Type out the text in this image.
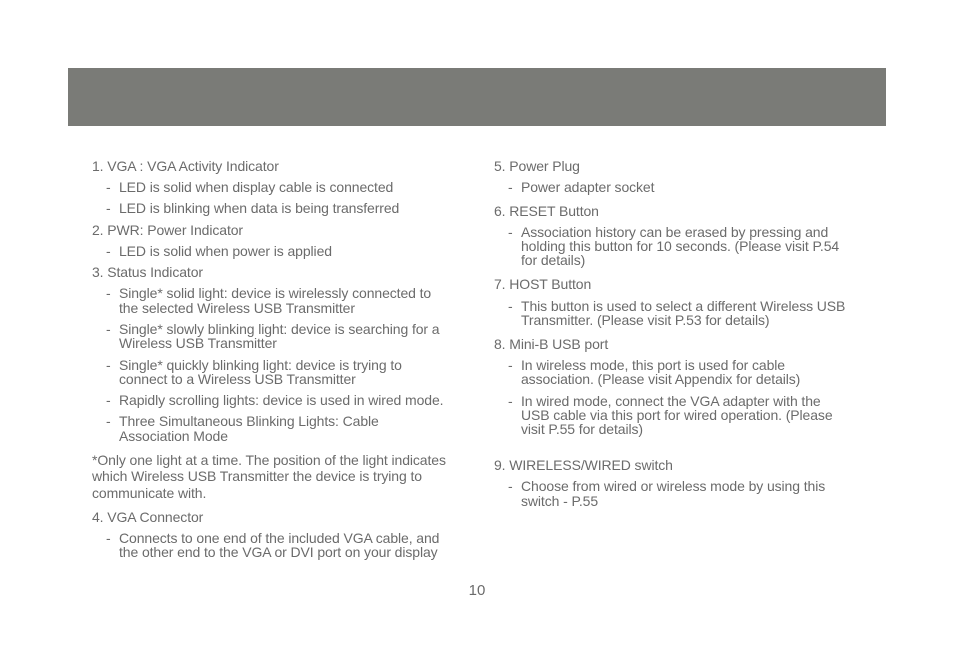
1. VGA : VGA Activity Indicator
- LED is solid when display cable is connected
- LED is blinking when data is being transferred
2. PWR: Power Indicator
- LED is solid when power is applied
3. Status Indicator
- Single* solid light: device is wirelessly connected to
the selected Wireless USB Transmitter
- Single* slowly blinking light: device is searching for a
Wireless USB Transmitter
- Single* quickly blinking light: device is trying to
connect to a Wireless USB Transmitter
- Rapidly scrolling lights: device is used in wired mode.
- Three Simultaneous Blinking Lights: Cable
Association Mode
*Only one light at a time. The position of the light indicates
which Wireless USB Transmitter the device is trying to
communicate with.
4. VGA Connector
- Connects to one end of the included VGA cable, and
the other end to the VGA or DVI port on your display
5. Power Plug
- Power adapter socket
6. RESET Button
- Association history can be erased by pressing and
holding this button for 10 seconds. (Please visit P.54
for details)
7. HOST Button
- This button is used to select a different Wireless USB
Transmitter. (Please visit P.53 for details)
8. Mini-B USB port
- In wireless mode, this port is used for cable
association. (Please visit Appendix for details)
- In wired mode, connect the VGA adapter with the
USB cable via this port for wired operation. (Please
visit P.55 for details)
9. WIRELESS/WIRED switch
- Choose from wired or wireless mode by using this
switch - P.55
10
